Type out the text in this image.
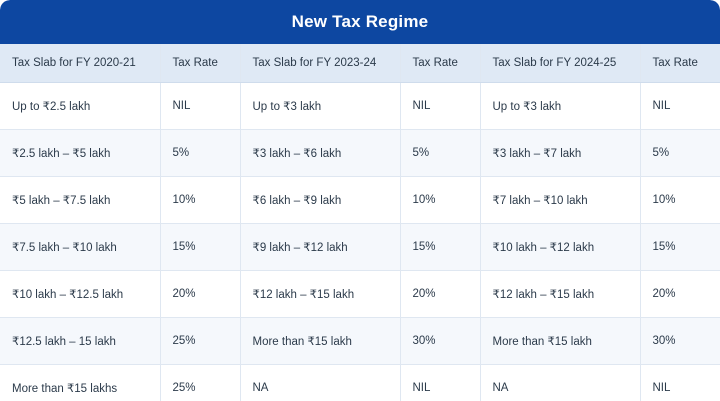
New Tax Regime
Tax Slab for FY 2020-21	Tax Rate	Tax Slab for FY 2023-24	Tax Rate	Tax Slab for FY 2024-25	Tax Rate
Up to ₹2.5 lakh	NIL	Up to ₹3 lakh	NIL	Up to ₹3 lakh	NIL
₹2.5 lakh – ₹5 lakh	5%	₹3 lakh – ₹6 lakh	5%	₹3 lakh – ₹7 lakh	5%
₹5 lakh – ₹7.5 lakh	10%	₹6 lakh – ₹9 lakh	10%	₹7 lakh – ₹10 lakh	10%
₹7.5 lakh – ₹10 lakh	15%	₹9 lakh – ₹12 lakh	15%	₹10 lakh – ₹12 lakh	15%
₹10 lakh – ₹12.5 lakh	20%	₹12 lakh – ₹15 lakh	20%	₹12 lakh – ₹15 lakh	20%
₹12.5 lakh – 15 lakh	25%	More than ₹15 lakh	30%	More than ₹15 lakh	30%
More than ₹15 lakhs	25%	NA	NIL	NA	NIL
